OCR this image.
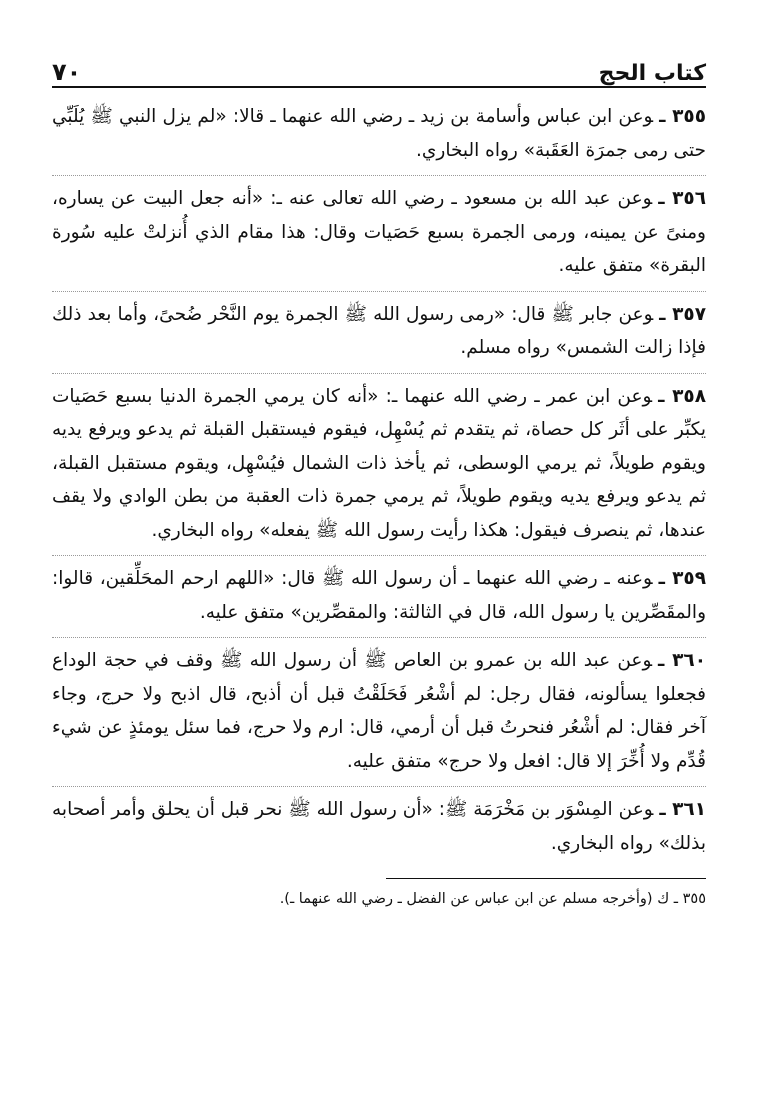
كتاب الحج
٧٠

٣٥٥ ـوعن ابن عباس وأسامة بن زيد ـ رضي الله عنهما ـ قالا: «لم يزل النبي ﷺ يُلَبِّي حتى رمى جمرَة العَقَبة» رواه البخاري.

٣٥٦ ـوعن عبد الله بن مسعود ـ رضي الله تعالى عنه ـ: «أنه جعل البيت عن يساره، ومنىً عن يمينه، ورمى الجمرة بسبع حَصَيات وقال: هذا مقام الذي أُنزلتْ عليه سُورة البقرة» متفق عليه.

٣٥٧ ـوعن جابر ﷺ قال: «رمى رسول الله ﷺ الجمرة يوم النَّحْر ضُحىً، وأما بعد ذلك فإذا زالت الشمس» رواه مسلم.

٣٥٨ ـوعن ابن عمر ـ رضي الله عنهما ـ: «أنه كان يرمي الجمرة الدنيا بسبع حَصَيات يكبِّر على أثَر كل حصاة، ثم يتقدم ثم يُسْهِل، فيقوم فيستقبل القبلة ثم يدعو ويرفع يديه ويقوم طويلاً، ثم يرمي الوسطى، ثم يأخذ ذات الشمال فيُسْهِل، ويقوم مستقبل القبلة، ثم يدعو ويرفع يديه ويقوم طويلاً، ثم يرمي جمرة ذات العقبة من بطن الوادي ولا يقف عندها، ثم ينصرف فيقول: هكذا رأيت رسول الله ﷺ يفعله» رواه البخاري.

٣٥٩ ـوعنه ـ رضي الله عنهما ـ أن رسول الله ﷺ قال: «اللهم ارحم المحَلِّقين، قالوا: والمقَصِّرين يا رسول الله، قال في الثالثة: والمقصِّرين» متفق عليه.

٣٦٠ ـوعن عبد الله بن عمرو بن العاص ﷺ أن رسول الله ﷺ وقف في حجة الوداع فجعلوا يسألونه، فقال رجل: لم أشْعُر فَحَلَقْتُ قبل أن أذبح، قال اذبح ولا حرج، وجاء آخر فقال: لم أشْعُر فنحرتُ قبل أن أرمي، قال: ارم ولا حرج، فما سئل يومئذٍ عن شيء قُدِّم ولا أُخِّرَ إلا قال: افعل ولا حرج» متفق عليه.

٣٦١ ـوعن المِسْوَر بن مَخْرَمَة ﷺ: «أن رسول الله ﷺ نحر قبل أن يحلق وأمر أصحابه بذلك» رواه البخاري.

٣٥٥ ـ ك (وأخرجه مسلم عن ابن عباس عن الفضل ـ رضي الله عنهما ـ).
